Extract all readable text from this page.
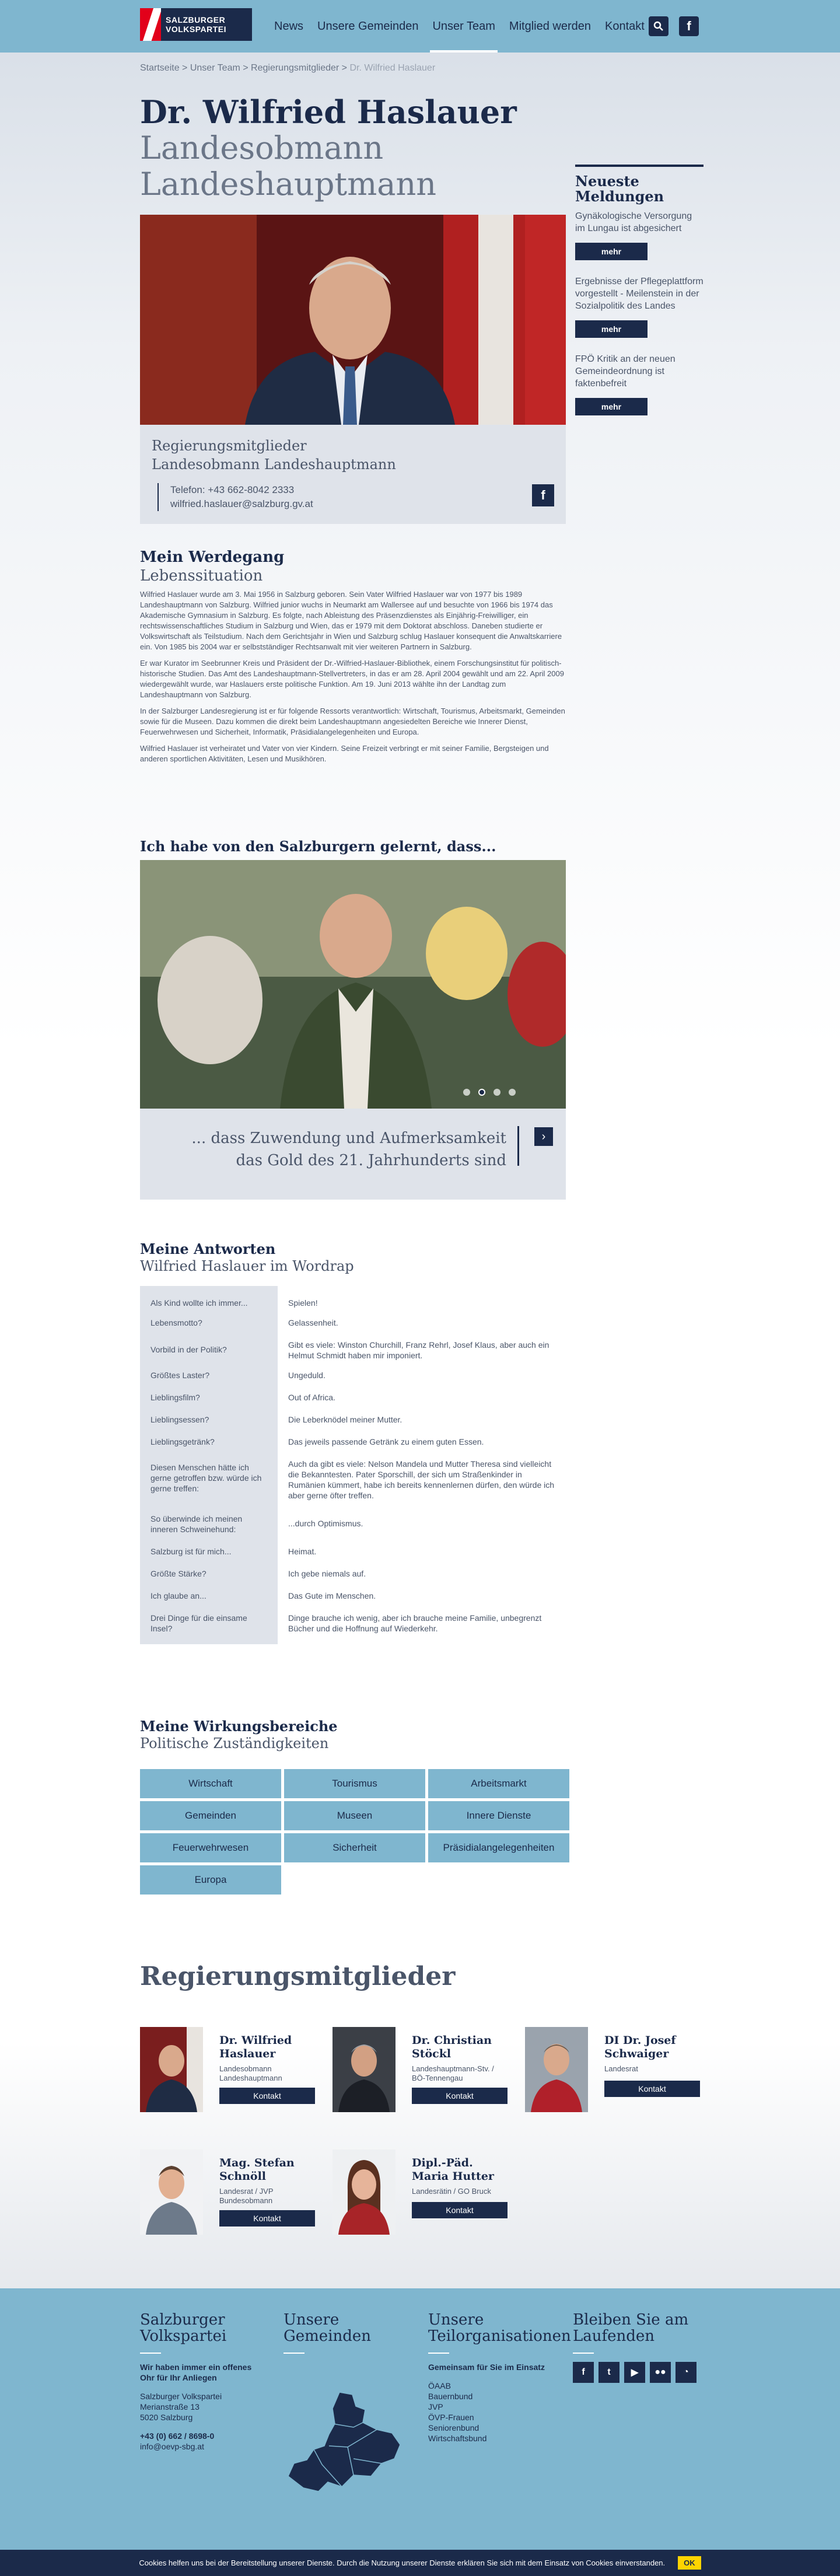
SALZBURGER
VOLKSPARTEI	News	Unsere Gemeinden	Unser Team	Mitglied werden	Kontakt	f
Startseite > Unser Team > Regierungsmitglieder > Dr. Wilfried Haslauer
Dr. Wilfried Haslauer
Landesobmann
Landeshauptmann
Regierungsmitglieder
Landesobmann Landeshauptmann
Telefon: +43 662-8042 2333
wilfried.haslauer@salzburg.gv.at
f
Neueste Meldungen
Gynäkologische Versorgung im Lungau ist abgesichert
mehr
Ergebnisse der Pflegeplattform vorgestellt - Meilenstein in der Sozialpolitik des Landes
mehr
FPÖ Kritik an der neuen Gemeindeordnung ist faktenbefreit
mehr
Mein Werdegang
Lebenssituation

Wilfried Haslauer wurde am 3. Mai 1956 in Salzburg geboren. Sein Vater Wilfried Haslauer war von 1977 bis 1989 Landeshauptmann von Salzburg. Wilfried junior wuchs in Neumarkt am Wallersee auf und besuchte von 1966 bis 1974 das Akademische Gymnasium in Salzburg. Es folgte, nach Ableistung des Präsenzdienstes als Einjährig-Freiwilliger, ein rechtswissenschaftliches Studium in Salzburg und Wien, das er 1979 mit dem Doktorat abschloss. Daneben studierte er Volkswirtschaft als Teilstudium. Nach dem Gerichtsjahr in Wien und Salzburg schlug Haslauer konsequent die Anwaltskarriere ein. Von 1985 bis 2004 war er selbstständiger Rechtsanwalt mit vier weiteren Partnern in Salzburg.

Er war Kurator im Seebrunner Kreis und Präsident der Dr.-Wilfried-Haslauer-Bibliothek, einem Forschungsinstitut für politisch-historische Studien. Das Amt des Landeshauptmann-Stellvertreters, in das er am 28. April 2004 gewählt und am 22. April 2009 wiedergewählt wurde, war Haslauers erste politische Funktion. Am 19. Juni 2013 wählte ihn der Landtag zum Landeshauptmann von Salzburg.

In der Salzburger Landesregierung ist er für folgende Ressorts verantwortlich: Wirtschaft, Tourismus, Arbeitsmarkt, Gemeinden sowie für die Museen. Dazu kommen die direkt beim Landeshauptmann angesiedelten Bereiche wie Innerer Dienst, Feuerwehrwesen und Sicherheit, Informatik, Präsidialangelegenheiten und Europa.

Wilfried Haslauer ist verheiratet und Vater von vier Kindern. Seine Freizeit verbringt er mit seiner Familie, Bergsteigen und anderen sportlichen Aktivitäten, Lesen und Musikhören.

Ich habe von den Salzburgern gelernt, dass...
... dass Zuwendung und Aufmerksamkeit das Gold des 21. Jahrhunderts sind
›
Meine Antworten
Wilfried Haslauer im Wordrap
Als Kind wollte ich immer...	Spielen!
Lebensmotto?	Gelassenheit.
Vorbild in der Politik?	Gibt es viele: Winston Churchill, Franz Rehrl, Josef Klaus, aber auch ein Helmut Schmidt haben mir imponiert.
Größtes Laster?	Ungeduld.
Lieblingsfilm?	Out of Africa.
Lieblingsessen?	Die Leberknödel meiner Mutter.
Lieblingsgetränk?	Das jeweils passende Getränk zu einem guten Essen.
Diesen Menschen hätte ich gerne getroffen bzw. würde ich gerne treffen:
Auch da gibt es viele: Nelson Mandela und Mutter Theresa sind vielleicht die Bekanntesten. Pater Sporschill, der sich um Straßenkinder in Rumänien kümmert, habe ich bereits kennenlernen dürfen, den würde ich aber gerne öfter treffen.
So überwinde ich meinen inneren Schweinehund:
...durch Optimismus.
Salzburg ist für mich...	Heimat.
Größte Stärke?	Ich gebe niemals auf.
Ich glaube an...	Das Gute im Menschen.
Drei Dinge für die einsame Insel?
Dinge brauche ich wenig, aber ich brauche meine Familie, unbegrenzt Bücher und die Hoffnung auf Wiederkehr.
Meine Wirkungsbereiche
Politische Zuständigkeiten
Wirtschaft	Tourismus	Arbeitsmarkt
Gemeinden	Museen	Innere Dienste
Feuerwehrwesen	Sicherheit	Präsidialangelegenheiten
Europa
Regierungsmitglieder
Dr. Wilfried Haslauer
Landesobmann Landeshauptmann
Kontakt
Dr. Christian Stöckl
Landeshauptmann-Stv. / BÖ-Tennengau
Kontakt
DI Dr. Josef Schwaiger
Landesrat
Kontakt
Mag. Stefan Schnöll
Landesrat / JVP Bundesobmann
Kontakt
Dipl.-Päd. Maria Hutter
Landesrätin / GO Bruck
Kontakt
Salzburger Volkspartei
Wir haben immer ein offenes Ohr für Ihr Anliegen
Salzburger Volkspartei
Merianstraße 13
5020 Salzburg
+43 (0) 662 / 8698-0
info@oevp-sbg.at
Unsere Gemeinden
Unsere Teilorganisationen
Gemeinsam für Sie im Einsatz
ÖAAB
Bauernbund
JVP
ÖVP-Frauen
Seniorenbund
Wirtschaftsbund
Bleiben Sie am Laufenden
f	t	▶	●●	◔
Cookies helfen uns bei der Bereitstellung unserer Dienste. Durch die Nutzung unserer Dienste erklären Sie sich mit dem Einsatz von Cookies einverstanden.	OK
